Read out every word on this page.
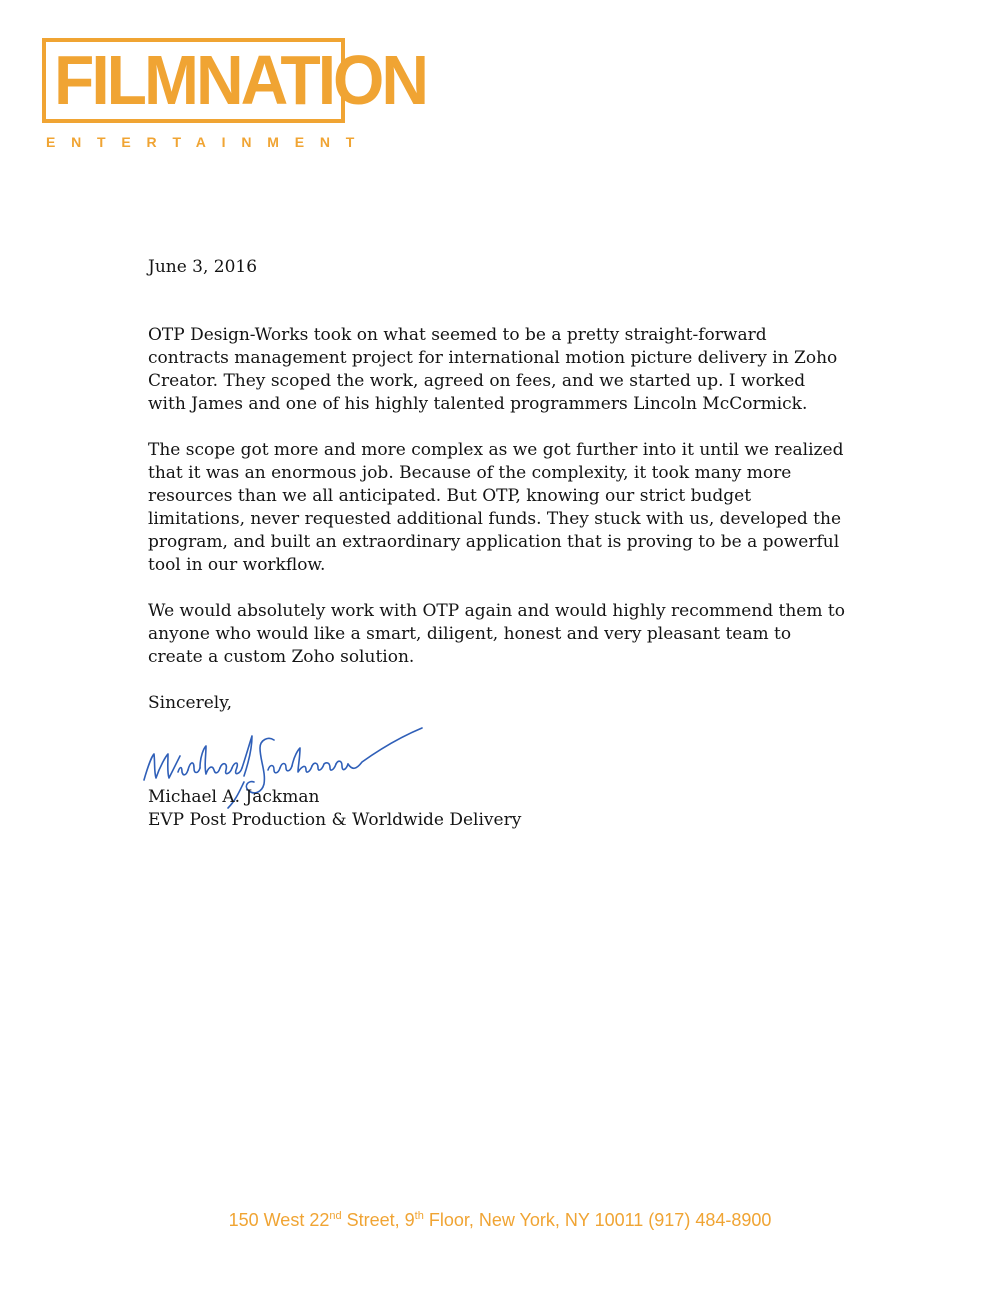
FILMNATION
ENTERTAINMENT

June 3, 2016

OTP Design-Works took on what seemed to be a pretty straight-forward contracts management project for international motion picture delivery in Zoho Creator. They scoped the work, agreed on fees, and we started up. I worked with James and one of his highly talented programmers Lincoln McCormick.

The scope got more and more complex as we got further into it until we realized that it was an enormous job. Because of the complexity, it took many more resources than we all anticipated. But OTP, knowing our strict budget limitations, never requested additional funds. They stuck with us, developed the program, and built an extraordinary application that is proving to be a powerful tool in our workflow.

We would absolutely work with OTP again and would highly recommend them to anyone who would like a smart, diligent, honest and very pleasant team to create a custom Zoho solution.

Sincerely,

Michael A. Jackman
EVP Post Production & Worldwide Delivery
150 West 22nd Street, 9th Floor, New York, NY 10011 (917) 484-8900
